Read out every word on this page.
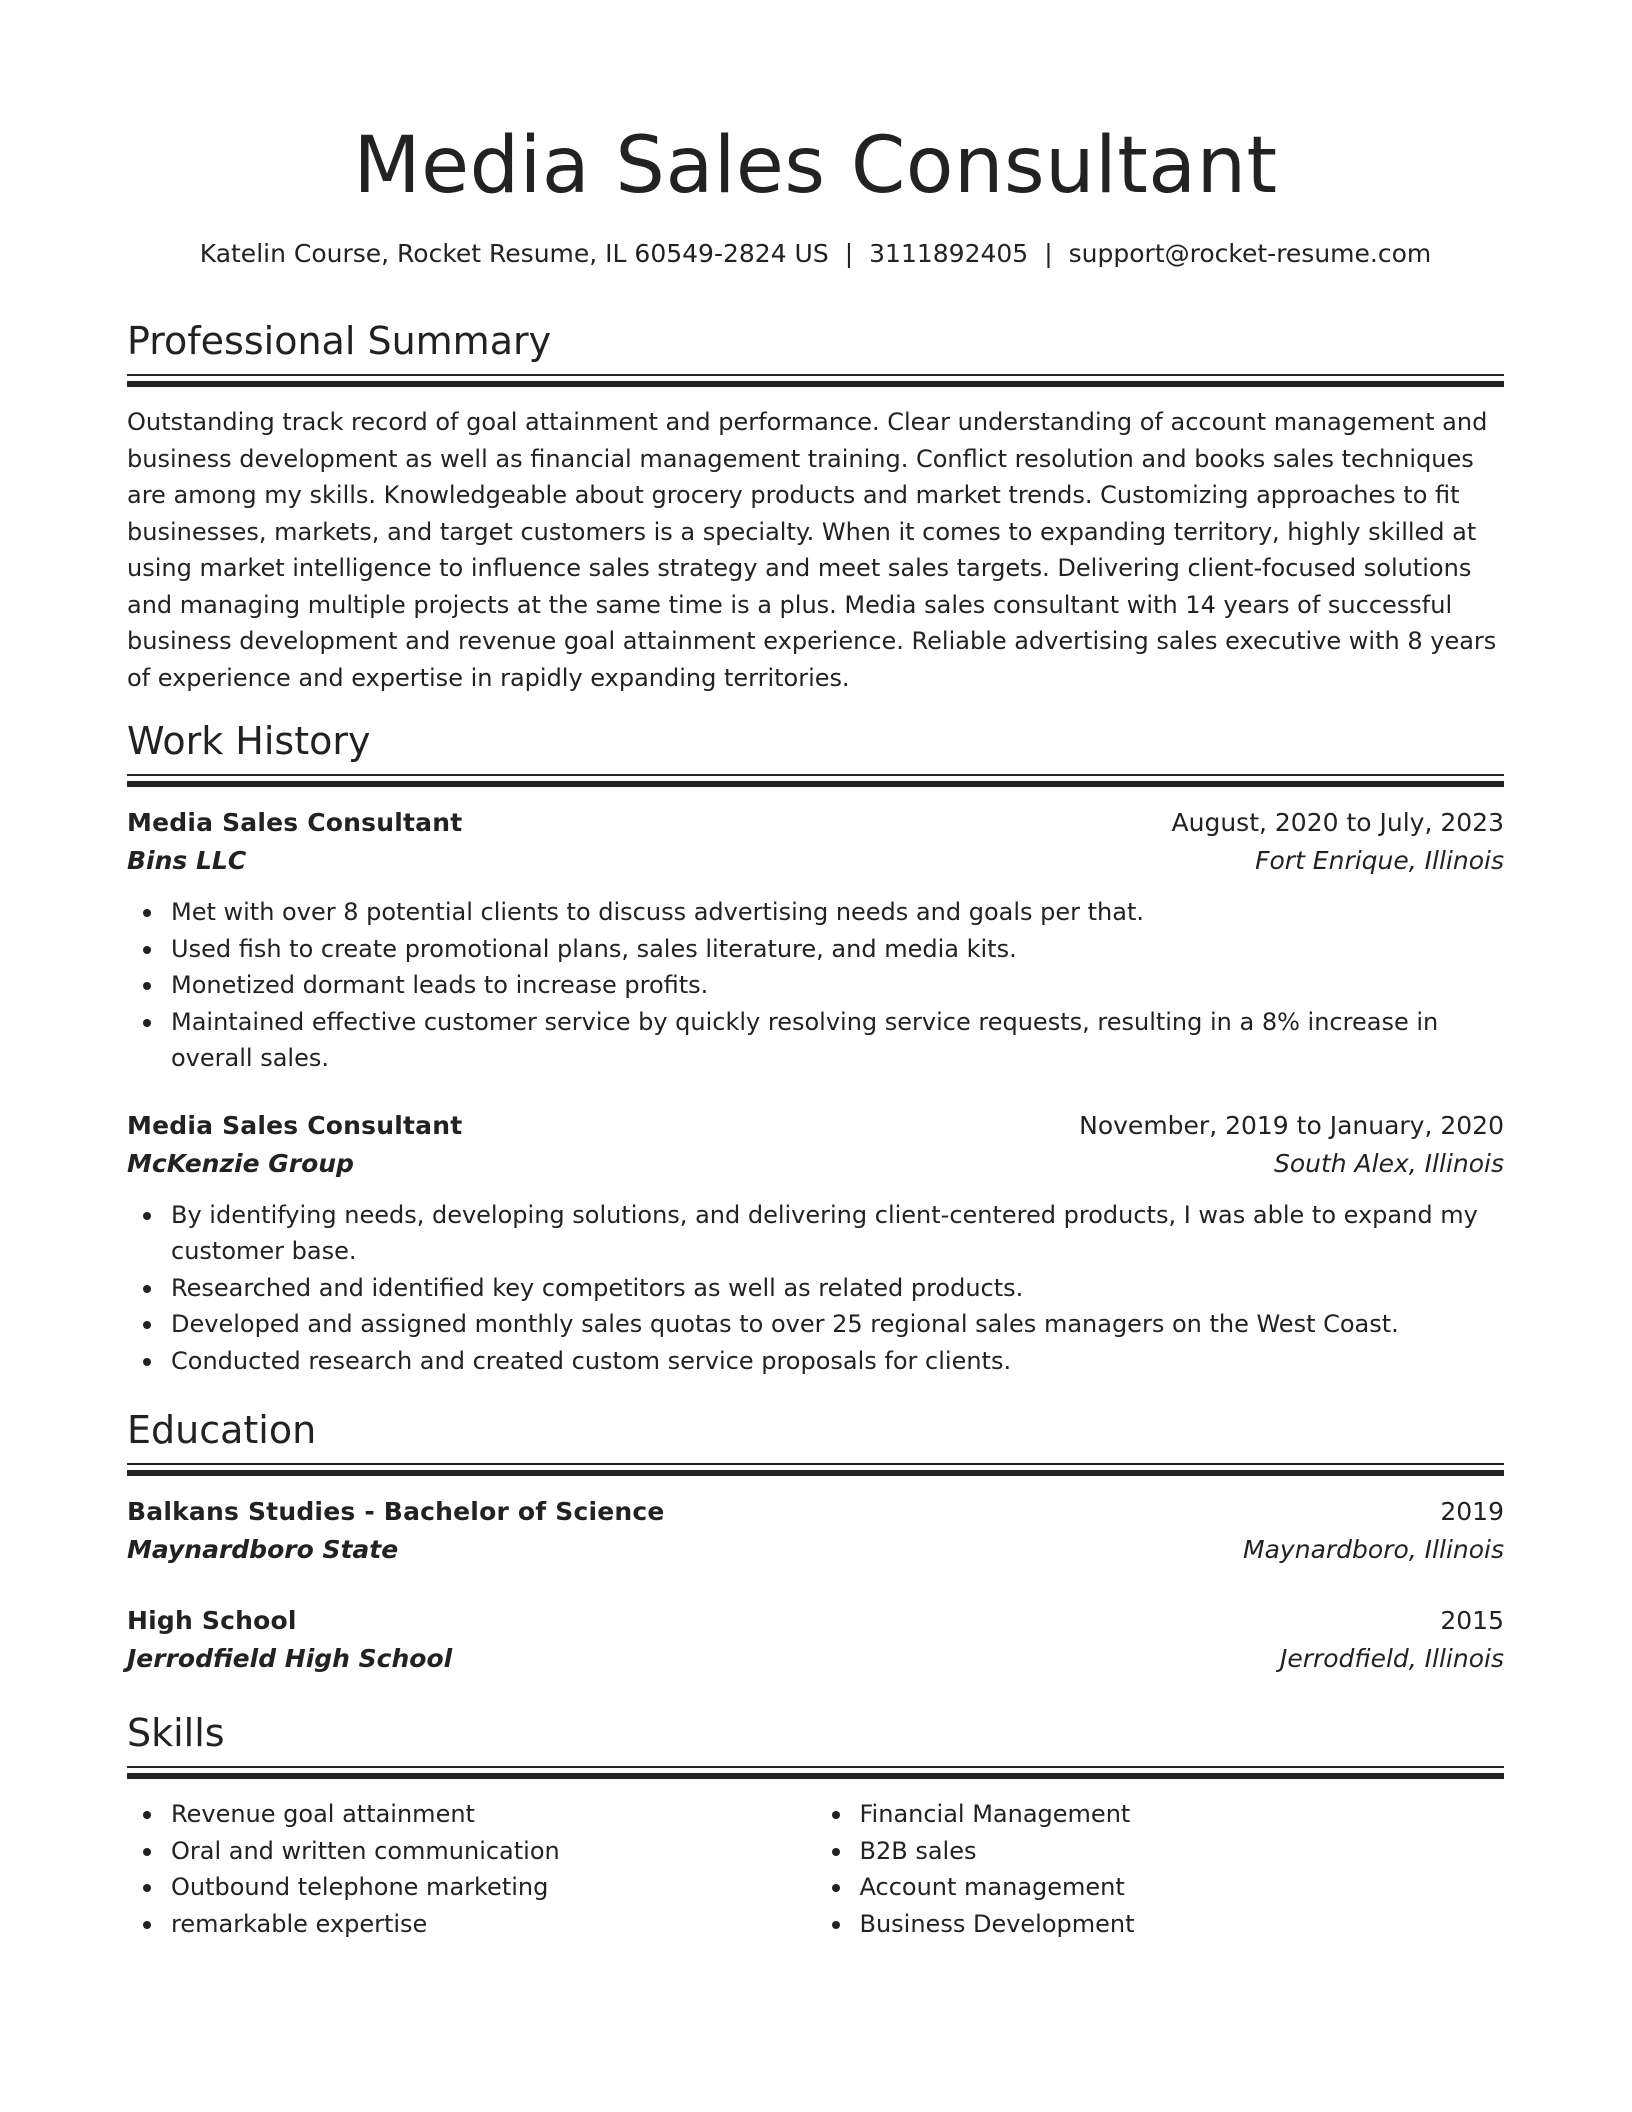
Media Sales Consultant
Katelin Course, Rocket Resume, IL 60549-2824 US | 3111892405 | support@rocket-resume.com
Professional Summary

Outstanding track record of goal attainment and performance. Clear understanding of account management and business development as well as financial management training. Conflict resolution and books sales techniques are among my skills. Knowledgeable about grocery products and market trends. Customizing approaches to fit businesses, markets, and target customers is a specialty. When it comes to expanding territory, highly skilled at using market intelligence to influence sales strategy and meet sales targets. Delivering client-focused solutions and managing multiple projects at the same time is a plus. Media sales consultant with 14 years of successful business development and revenue goal attainment experience. Reliable advertising sales executive with 8 years of experience and expertise in rapidly expanding territories.

Work History
Media Sales Consultant	August, 2020 to July, 2023
Bins LLC	Fort Enrique, Illinois
Met with over 8 potential clients to discuss advertising needs and goals per that.
Used fish to create promotional plans, sales literature, and media kits.
Monetized dormant leads to increase profits.
Maintained effective customer service by quickly resolving service requests, resulting in a 8% increase in overall sales.
Media Sales Consultant	November, 2019 to January, 2020
McKenzie Group	South Alex, Illinois
By identifying needs, developing solutions, and delivering client-centered products, I was able to expand my customer base.
Researched and identified key competitors as well as related products.
Developed and assigned monthly sales quotas to over 25 regional sales managers on the West Coast.
Conducted research and created custom service proposals for clients.
Education
Balkans Studies - Bachelor of Science	2019
Maynardboro State	Maynardboro, Illinois
High School	2015
Jerrodfield High School	Jerrodfield, Illinois
Skills
Revenue goal attainment
Oral and written communication
Outbound telephone marketing
remarkable expertise
Financial Management
B2B sales
Account management
Business Development
